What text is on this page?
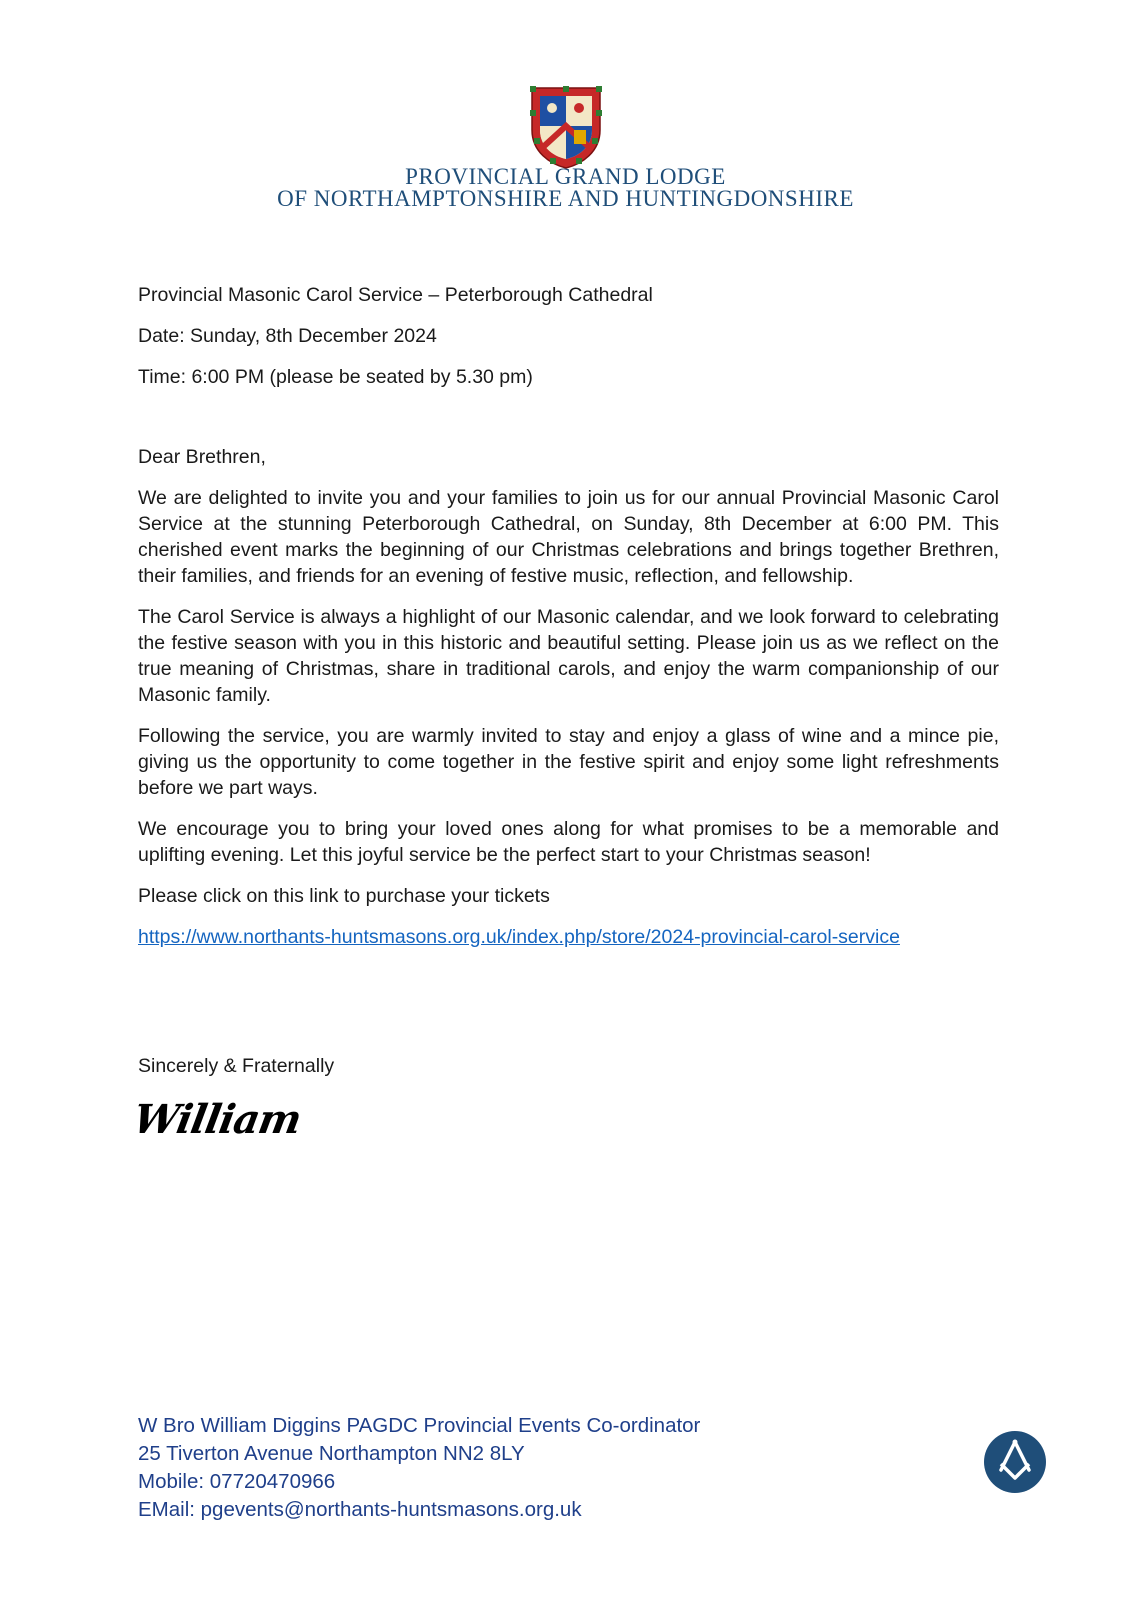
PROVINCIAL GRAND LODGE
OF NORTHAMPTONSHIRE AND HUNTINGDONSHIRE

Provincial Masonic Carol Service – Peterborough Cathedral

Date: Sunday, 8th December 2024

Time: 6:00 PM (please be seated by 5.30 pm)

Dear Brethren,

We are delighted to invite you and your families to join us for our annual Provincial Masonic Carol Service at the stunning Peterborough Cathedral, on Sunday, 8th December at 6:00 PM. This cherished event marks the beginning of our Christmas celebrations and brings together Brethren, their families, and friends for an evening of festive music, reflection, and fellowship.

The Carol Service is always a highlight of our Masonic calendar, and we look forward to celebrating the festive season with you in this historic and beautiful setting. Please join us as we reflect on the true meaning of Christmas, share in traditional carols, and enjoy the warm companionship of our Masonic family.

Following the service, you are warmly invited to stay and enjoy a glass of wine and a mince pie, giving us the opportunity to come together in the festive spirit and enjoy some light refreshments before we part ways.

We encourage you to bring your loved ones along for what promises to be a memorable and uplifting evening. Let this joyful service be the perfect start to your Christmas season!

Please click on this link to purchase your tickets

https://www.northants-huntsmasons.org.uk/index.php/store/2024-provincial-carol-service

Sincerely & Fraternally
William
W Bro William Diggins PAGDC Provincial Events Co-ordinator
25 Tiverton Avenue Northampton NN2 8LY
Mobile: 07720470966
EMail: pgevents@northants-huntsmasons.org.uk
